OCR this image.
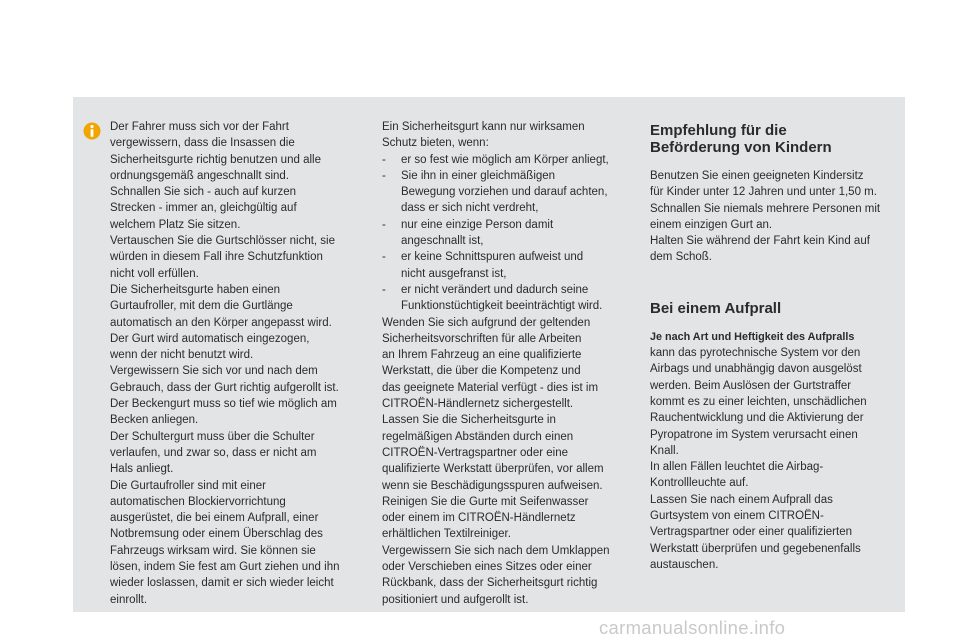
Der Fahrer muss sich vor der Fahrt
vergewissern, dass die Insassen die
Sicherheitsgurte richtig benutzen und alle
ordnungsgemäß angeschnallt sind.
Schnallen Sie sich - auch auf kurzen
Strecken - immer an, gleichgültig auf
welchem Platz Sie sitzen.
Vertauschen Sie die Gurtschlösser nicht, sie
würden in diesem Fall ihre Schutzfunktion
nicht voll erfüllen.
Die Sicherheitsgurte haben einen
Gurtaufroller, mit dem die Gurtlänge
automatisch an den Körper angepasst wird.
Der Gurt wird automatisch eingezogen,
wenn der nicht benutzt wird.
Vergewissern Sie sich vor und nach dem
Gebrauch, dass der Gurt richtig aufgerollt ist.
Der Beckengurt muss so tief wie möglich am
Becken anliegen.
Der Schultergurt muss über die Schulter
verlaufen, und zwar so, dass er nicht am
Hals anliegt.
Die Gurtaufroller sind mit einer
automatischen Blockiervorrichtung
ausgerüstet, die bei einem Aufprall, einer
Notbremsung oder einem Überschlag des
Fahrzeugs wirksam wird. Sie können sie
lösen, indem Sie fest am Gurt ziehen und ihn
wieder loslassen, damit er sich wieder leicht
einrollt.
Ein Sicherheitsgurt kann nur wirksamen
Schutz bieten, wenn:
- er so fest wie möglich am Körper anliegt,
- Sie ihn in einer gleichmäßigen
Bewegung vorziehen und darauf achten,
dass er sich nicht verdreht,
- nur eine einzige Person damit
angeschnallt ist,
- er keine Schnittspuren aufweist und
nicht ausgefranst ist,
- er nicht verändert und dadurch seine
Funktionstüchtigkeit beeinträchtigt wird.
Wenden Sie sich aufgrund der geltenden
Sicherheitsvorschriften für alle Arbeiten
an Ihrem Fahrzeug an eine qualifizierte
Werkstatt, die über die Kompetenz und
das geeignete Material verfügt - dies ist im
CITROËN-Händlernetz sichergestellt.
Lassen Sie die Sicherheitsgurte in
regelmäßigen Abständen durch einen
CITROËN-Vertragspartner oder eine
qualifizierte Werkstatt überprüfen, vor allem
wenn sie Beschädigungsspuren aufweisen.
Reinigen Sie die Gurte mit Seifenwasser
oder einem im CITROËN-Händlernetz
erhältlichen Textilreiniger.
Vergewissern Sie sich nach dem Umklappen
oder Verschieben eines Sitzes oder einer
Rückbank, dass der Sicherheitsgurt richtig
positioniert und aufgerollt ist.
Empfehlung für die
Beförderung von Kindern
Benutzen Sie einen geeigneten Kindersitz
für Kinder unter 12 Jahren und unter 1,50 m.
Schnallen Sie niemals mehrere Personen mit
einem einzigen Gurt an.
Halten Sie während der Fahrt kein Kind auf
dem Schoß.
Bei einem Aufprall
Je nach Art und Heftigkeit des Aufpralls
kann das pyrotechnische System vor den
Airbags und unabhängig davon ausgelöst
werden. Beim Auslösen der Gurtstraffer
kommt es zu einer leichten, unschädlichen
Rauchentwicklung und die Aktivierung der
Pyropatrone im System verursacht einen
Knall.
In allen Fällen leuchtet die Airbag-
Kontrollleuchte auf.
Lassen Sie nach einem Aufprall das
Gurtsystem von einem CITROËN-
Vertragspartner oder einer qualifizierten
Werkstatt überprüfen und gegebenenfalls
austauschen.
carmanualsonline.info
